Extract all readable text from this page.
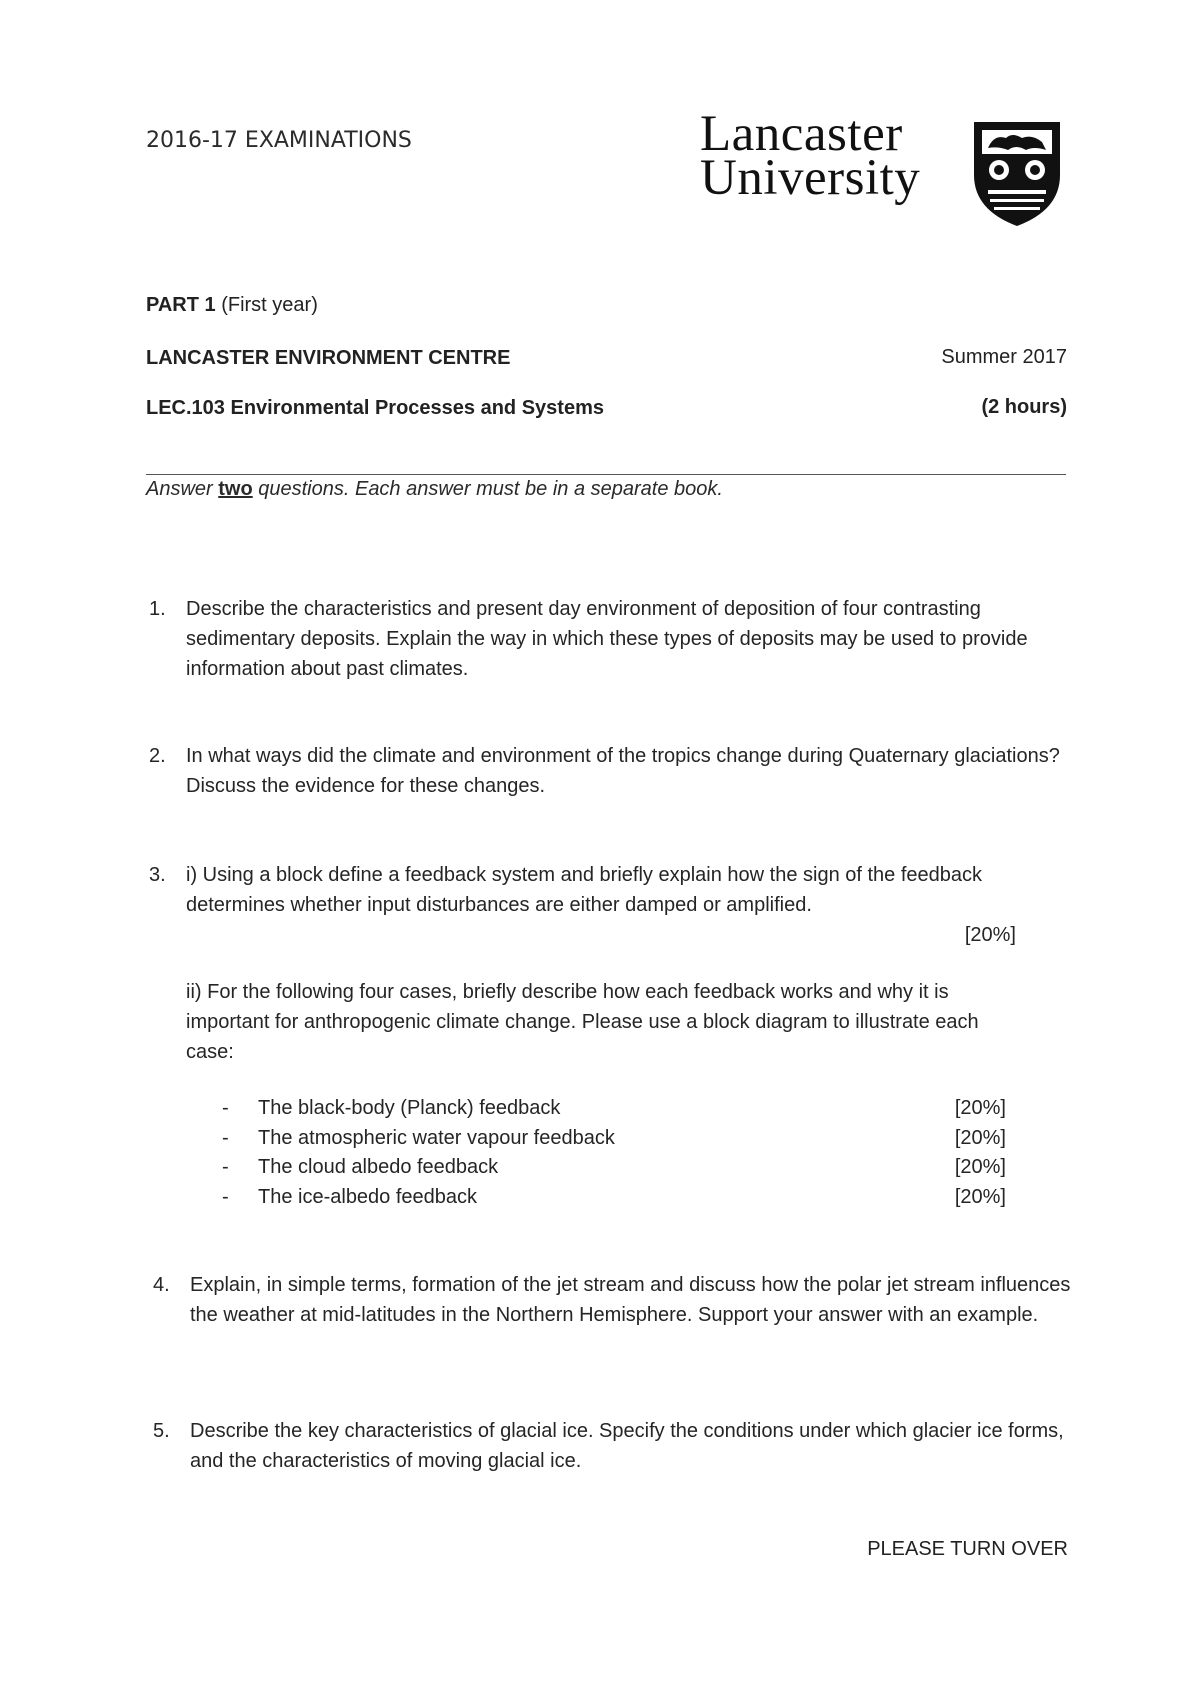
2016-17 EXAMINATIONS	Lancaster
University
PART 1 (First year)
LANCASTER ENVIRONMENT CENTRE	Summer 2017
LEC.103 Environmental Processes and Systems	(2 hours)
Answer two questions. Each answer must be in a separate book.
1. Describe the characteristics and present day environment of deposition of four contrasting sedimentary deposits. Explain the way in which these types of deposits may be used to provide information about past climates.
2. In what ways did the climate and environment of the tropics change during Quaternary glaciations? Discuss the evidence for these changes.
3. i) Using a block define a feedback system and briefly explain how the sign of the feedback determines whether input disturbances are either damped or amplified.
[20%]
ii) For the following four cases, briefly describe how each feedback works and why it is important for anthropogenic climate change. Please use a block diagram to illustrate each case:
- The black-body (Planck) feedback	[20%]
- The atmospheric water vapour feedback	[20%]
- The cloud albedo feedback	[20%]
- The ice-albedo feedback	[20%]
4. Explain, in simple terms, formation of the jet stream and discuss how the polar jet stream influences the weather at mid-latitudes in the Northern Hemisphere. Support your answer with an example.
5. Describe the key characteristics of glacial ice. Specify the conditions under which glacier ice forms, and the characteristics of moving glacial ice.
PLEASE TURN OVER
